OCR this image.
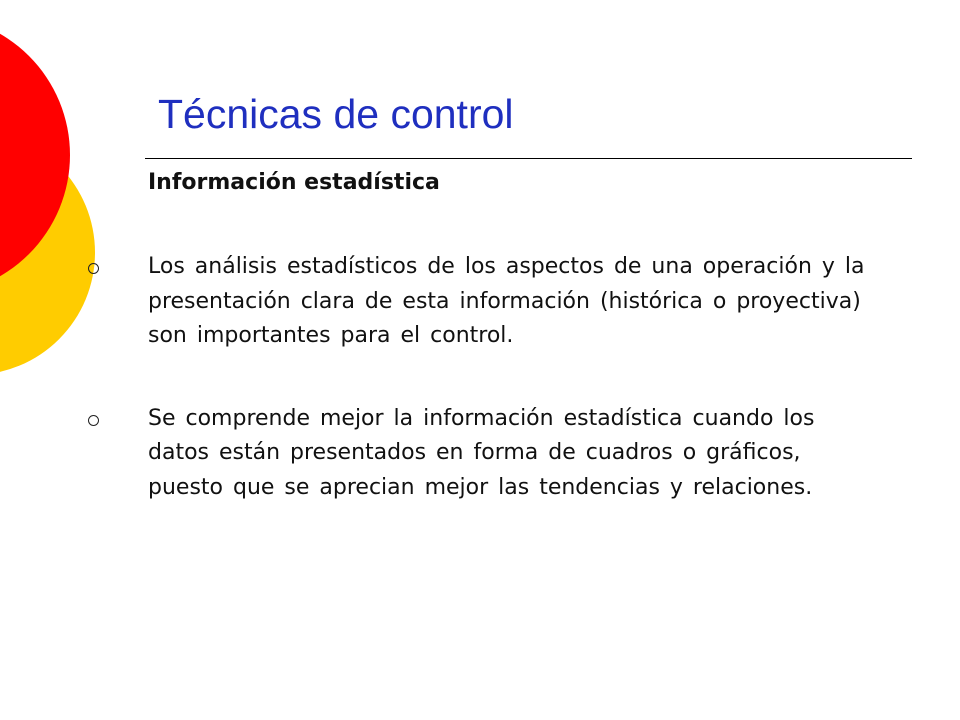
Técnicas de control
Información estadística
Los análisis estadísticos de los aspectos de una operación y la presentación clara de esta información (histórica o proyectiva) son importantes para el control.
Se comprende mejor la información estadística cuando los datos están presentados en forma de cuadros o gráficos, puesto que se aprecian mejor las tendencias y relaciones.
